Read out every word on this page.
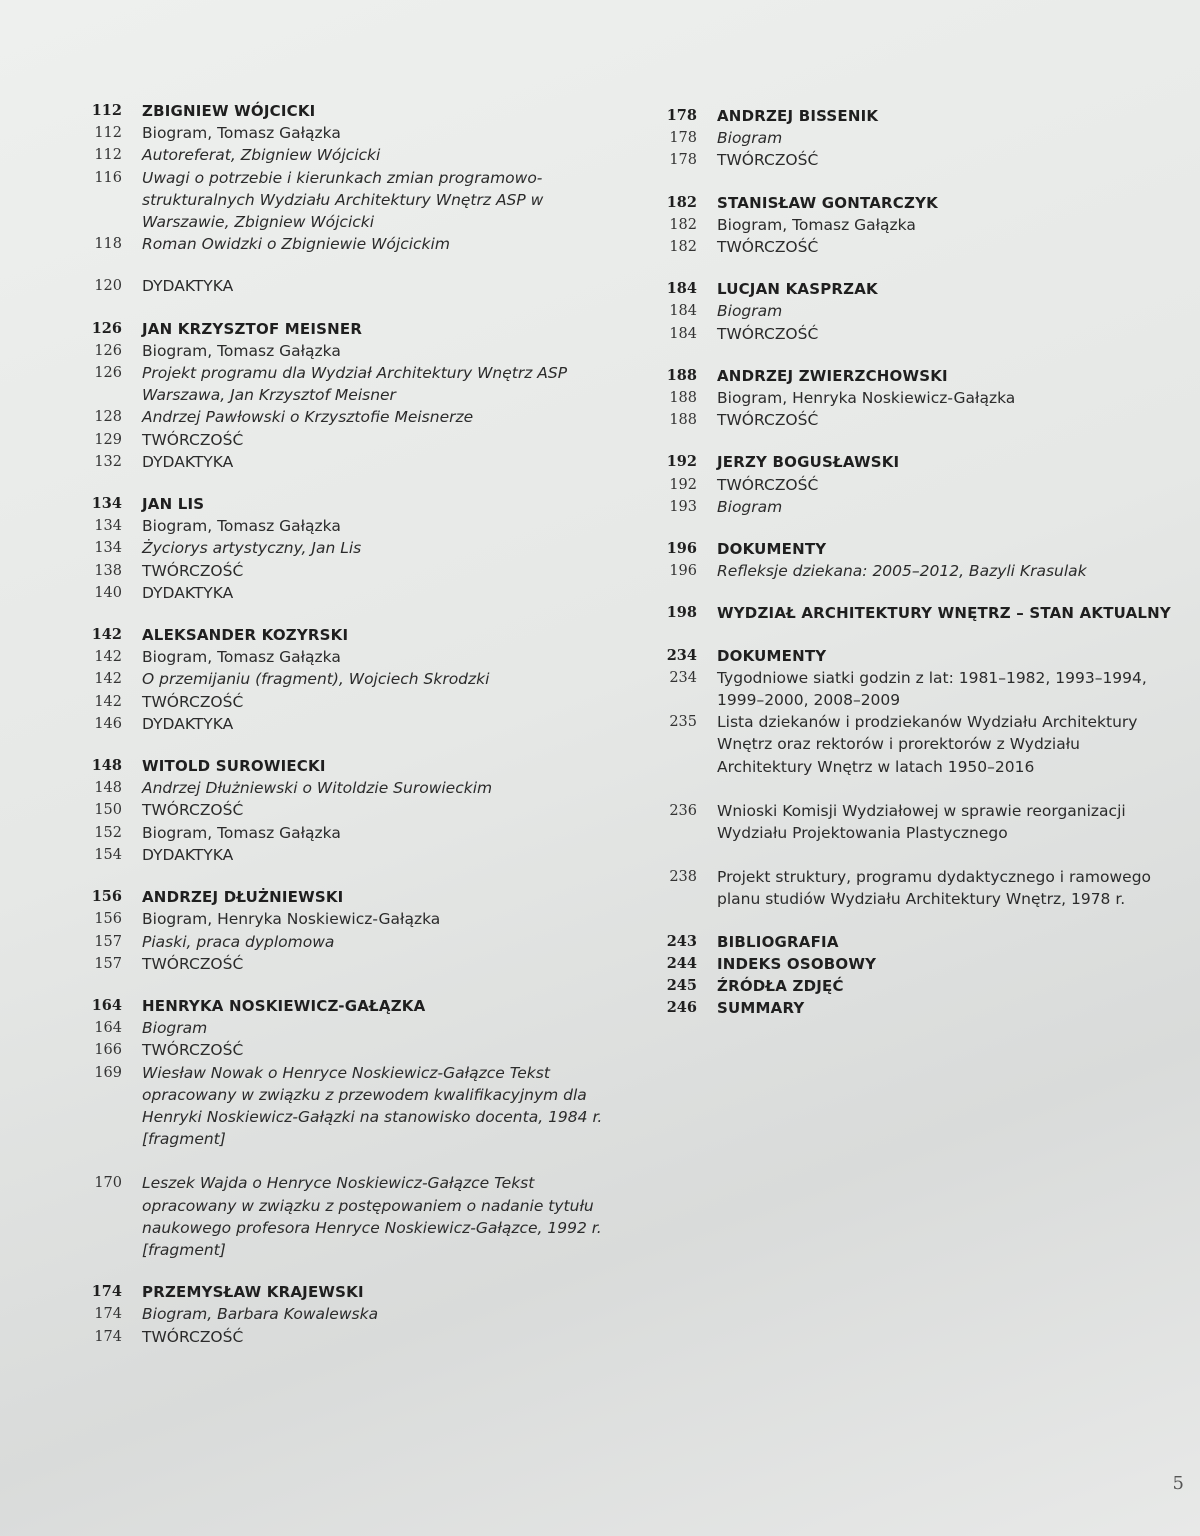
112	ZBIGNIEW WÓJCICKI
112	Biogram, Tomasz Gałązka
112	Autoreferat, Zbigniew Wójcicki
116	Uwagi o potrzebie i kierunkach zmian programowo-strukturalnych Wydziału Architektury Wnętrz ASP w Warszawie, Zbigniew Wójcicki
118	Roman Owidzki o Zbigniewie Wójcickim
120	DYDAKTYKA
126	JAN KRZYSZTOF MEISNER
126	Biogram, Tomasz Gałązka
126	Projekt programu dla Wydział Architektury Wnętrz ASP Warszawa, Jan Krzysztof Meisner
128	Andrzej Pawłowski o Krzysztofie Meisnerze
129	TWÓRCZOŚĆ
132	DYDAKTYKA
134	JAN LIS
134	Biogram, Tomasz Gałązka
134	Życiorys artystyczny, Jan Lis
138	TWÓRCZOŚĆ
140	DYDAKTYKA
142	ALEKSANDER KOZYRSKI
142	Biogram, Tomasz Gałązka
142	O przemijaniu (fragment), Wojciech Skrodzki
142	TWÓRCZOŚĆ
146	DYDAKTYKA
148	WITOLD SUROWIECKI
148	Andrzej Dłużniewski o Witoldzie Surowieckim
150	TWÓRCZOŚĆ
152	Biogram, Tomasz Gałązka
154	DYDAKTYKA
156	ANDRZEJ DŁUŻNIEWSKI
156	Biogram, Henryka Noskiewicz-Gałązka
157	Piaski, praca dyplomowa
157	TWÓRCZOŚĆ
164	HENRYKA NOSKIEWICZ-GAŁĄZKA
164	Biogram
166	TWÓRCZOŚĆ
169	Wiesław Nowak o Henryce Noskiewicz-Gałązce Tekst opracowany w związku z przewodem kwalifikacyjnym dla Henryki Noskiewicz-Gałązki na stanowisko docenta, 1984 r. [fragment]
170	Leszek Wajda o Henryce Noskiewicz-Gałązce Tekst opracowany w związku z postępowaniem o nadanie tytułu naukowego profesora Henryce Noskiewicz-Gałązce, 1992 r. [fragment]
174	PRZEMYSŁAW KRAJEWSKI
174	Biogram, Barbara Kowalewska
174	TWÓRCZOŚĆ
178	ANDRZEJ BISSENIK
178	Biogram
178	TWÓRCZOŚĆ
182	STANISŁAW GONTARCZYK
182	Biogram, Tomasz Gałązka
182	TWÓRCZOŚĆ
184	LUCJAN KASPRZAK
184	Biogram
184	TWÓRCZOŚĆ
188	ANDRZEJ ZWIERZCHOWSKI
188	Biogram, Henryka Noskiewicz-Gałązka
188	TWÓRCZOŚĆ
192	JERZY BOGUSŁAWSKI
192	TWÓRCZOŚĆ
193	Biogram
196	DOKUMENTY
196	Refleksje dziekana: 2005–2012, Bazyli Krasulak
198	WYDZIAŁ ARCHITEKTURY WNĘTRZ – STAN AKTUALNY
234	DOKUMENTY
234	Tygodniowe siatki godzin z lat: 1981–1982, 1993–1994, 1999–2000, 2008–2009
235	Lista dziekanów i prodziekanów Wydziału Architektury Wnętrz oraz rektorów i prorektorów z Wydziału Architektury Wnętrz w latach 1950–2016
236	Wnioski Komisji Wydziałowej w sprawie reorganizacji Wydziału Projektowania Plastycznego
238	Projekt struktury, programu dydaktycznego i ramowego planu studiów Wydziału Architektury Wnętrz, 1978 r.
243	BIBLIOGRAFIA
244	INDEKS OSOBOWY
245	ŹRÓDŁA ZDJĘĆ
246	SUMMARY
5
